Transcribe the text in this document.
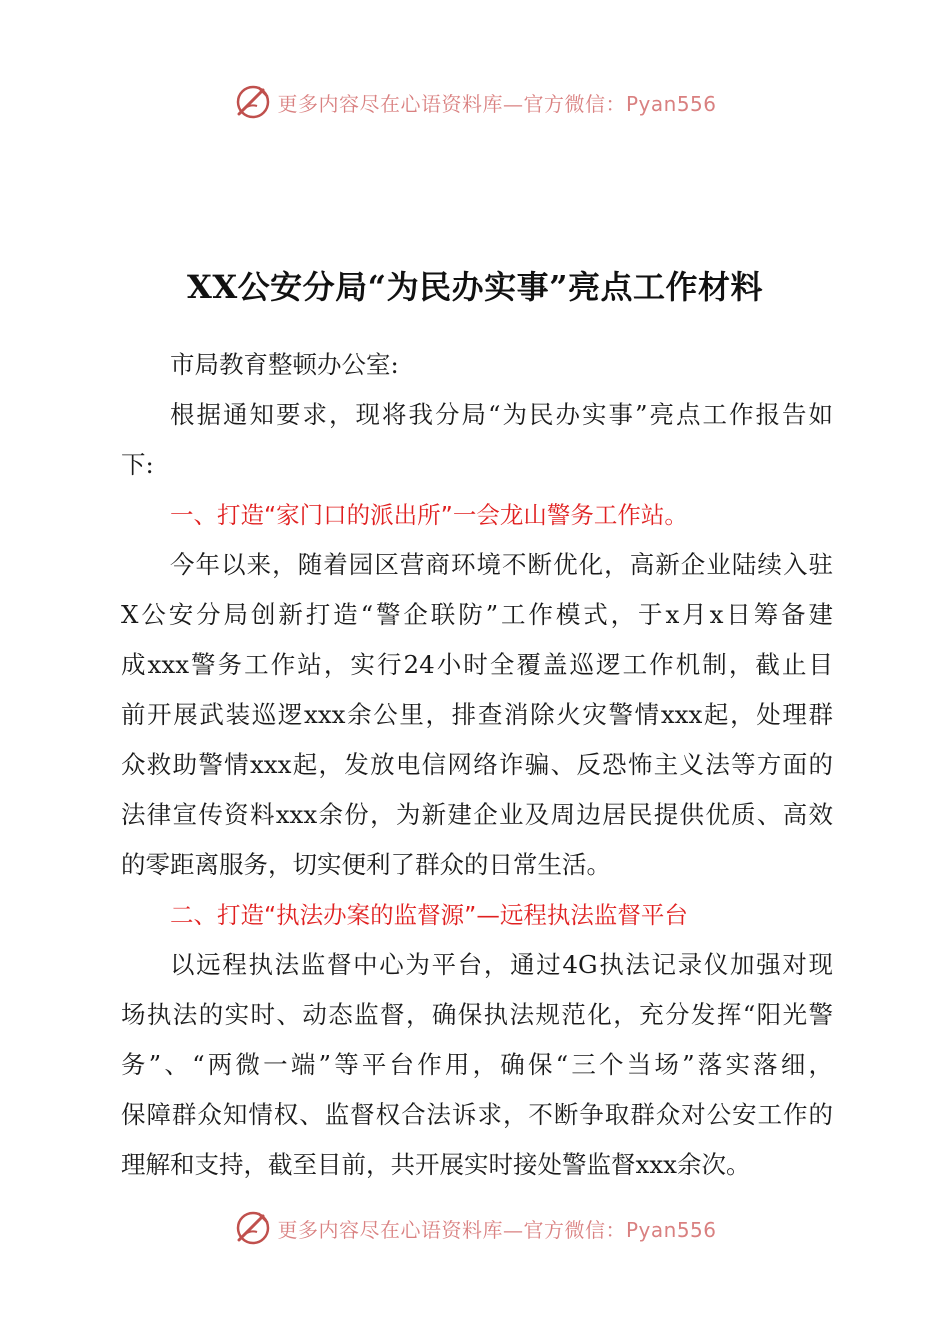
更多内容尽在心语资料库—官方微信：Pyan556
XX公安分局“为民办实事”亮点工作材料
市局教育整顿办公室:
根据通知要求，现将我分局“为民办实事”亮点工作报告如
下:
一、打造“家门口的派出所”一会龙山警务工作站。
今年以来，随着园区营商环境不断优化，高新企业陆续入驻
X公安分局创新打造“警企联防”工作模式，于x月x日筹备建
成xxx警务工作站，实行24小时全覆盖巡逻工作机制，截止目
前开展武装巡逻xxx余公里，排查消除火灾警情xxx起，处理群
众救助警情xxx起，发放电信网络诈骗、反恐怖主义法等方面的
法律宣传资料xxx余份，为新建企业及周边居民提供优质、高效
的零距离服务，切实便利了群众的日常生活。
二、打造“执法办案的监督源”—远程执法监督平台
以远程执法监督中心为平台，通过4G执法记录仪加强对现
场执法的实时、动态监督，确保执法规范化，充分发挥“阳光警
务”、“两微一端”等平台作用，确保“三个当场”落实落细，
保障群众知情权、监督权合法诉求，不断争取群众对公安工作的
理解和支持，截至目前，共开展实时接处警监督xxx余次。
更多内容尽在心语资料库—官方微信：Pyan556
